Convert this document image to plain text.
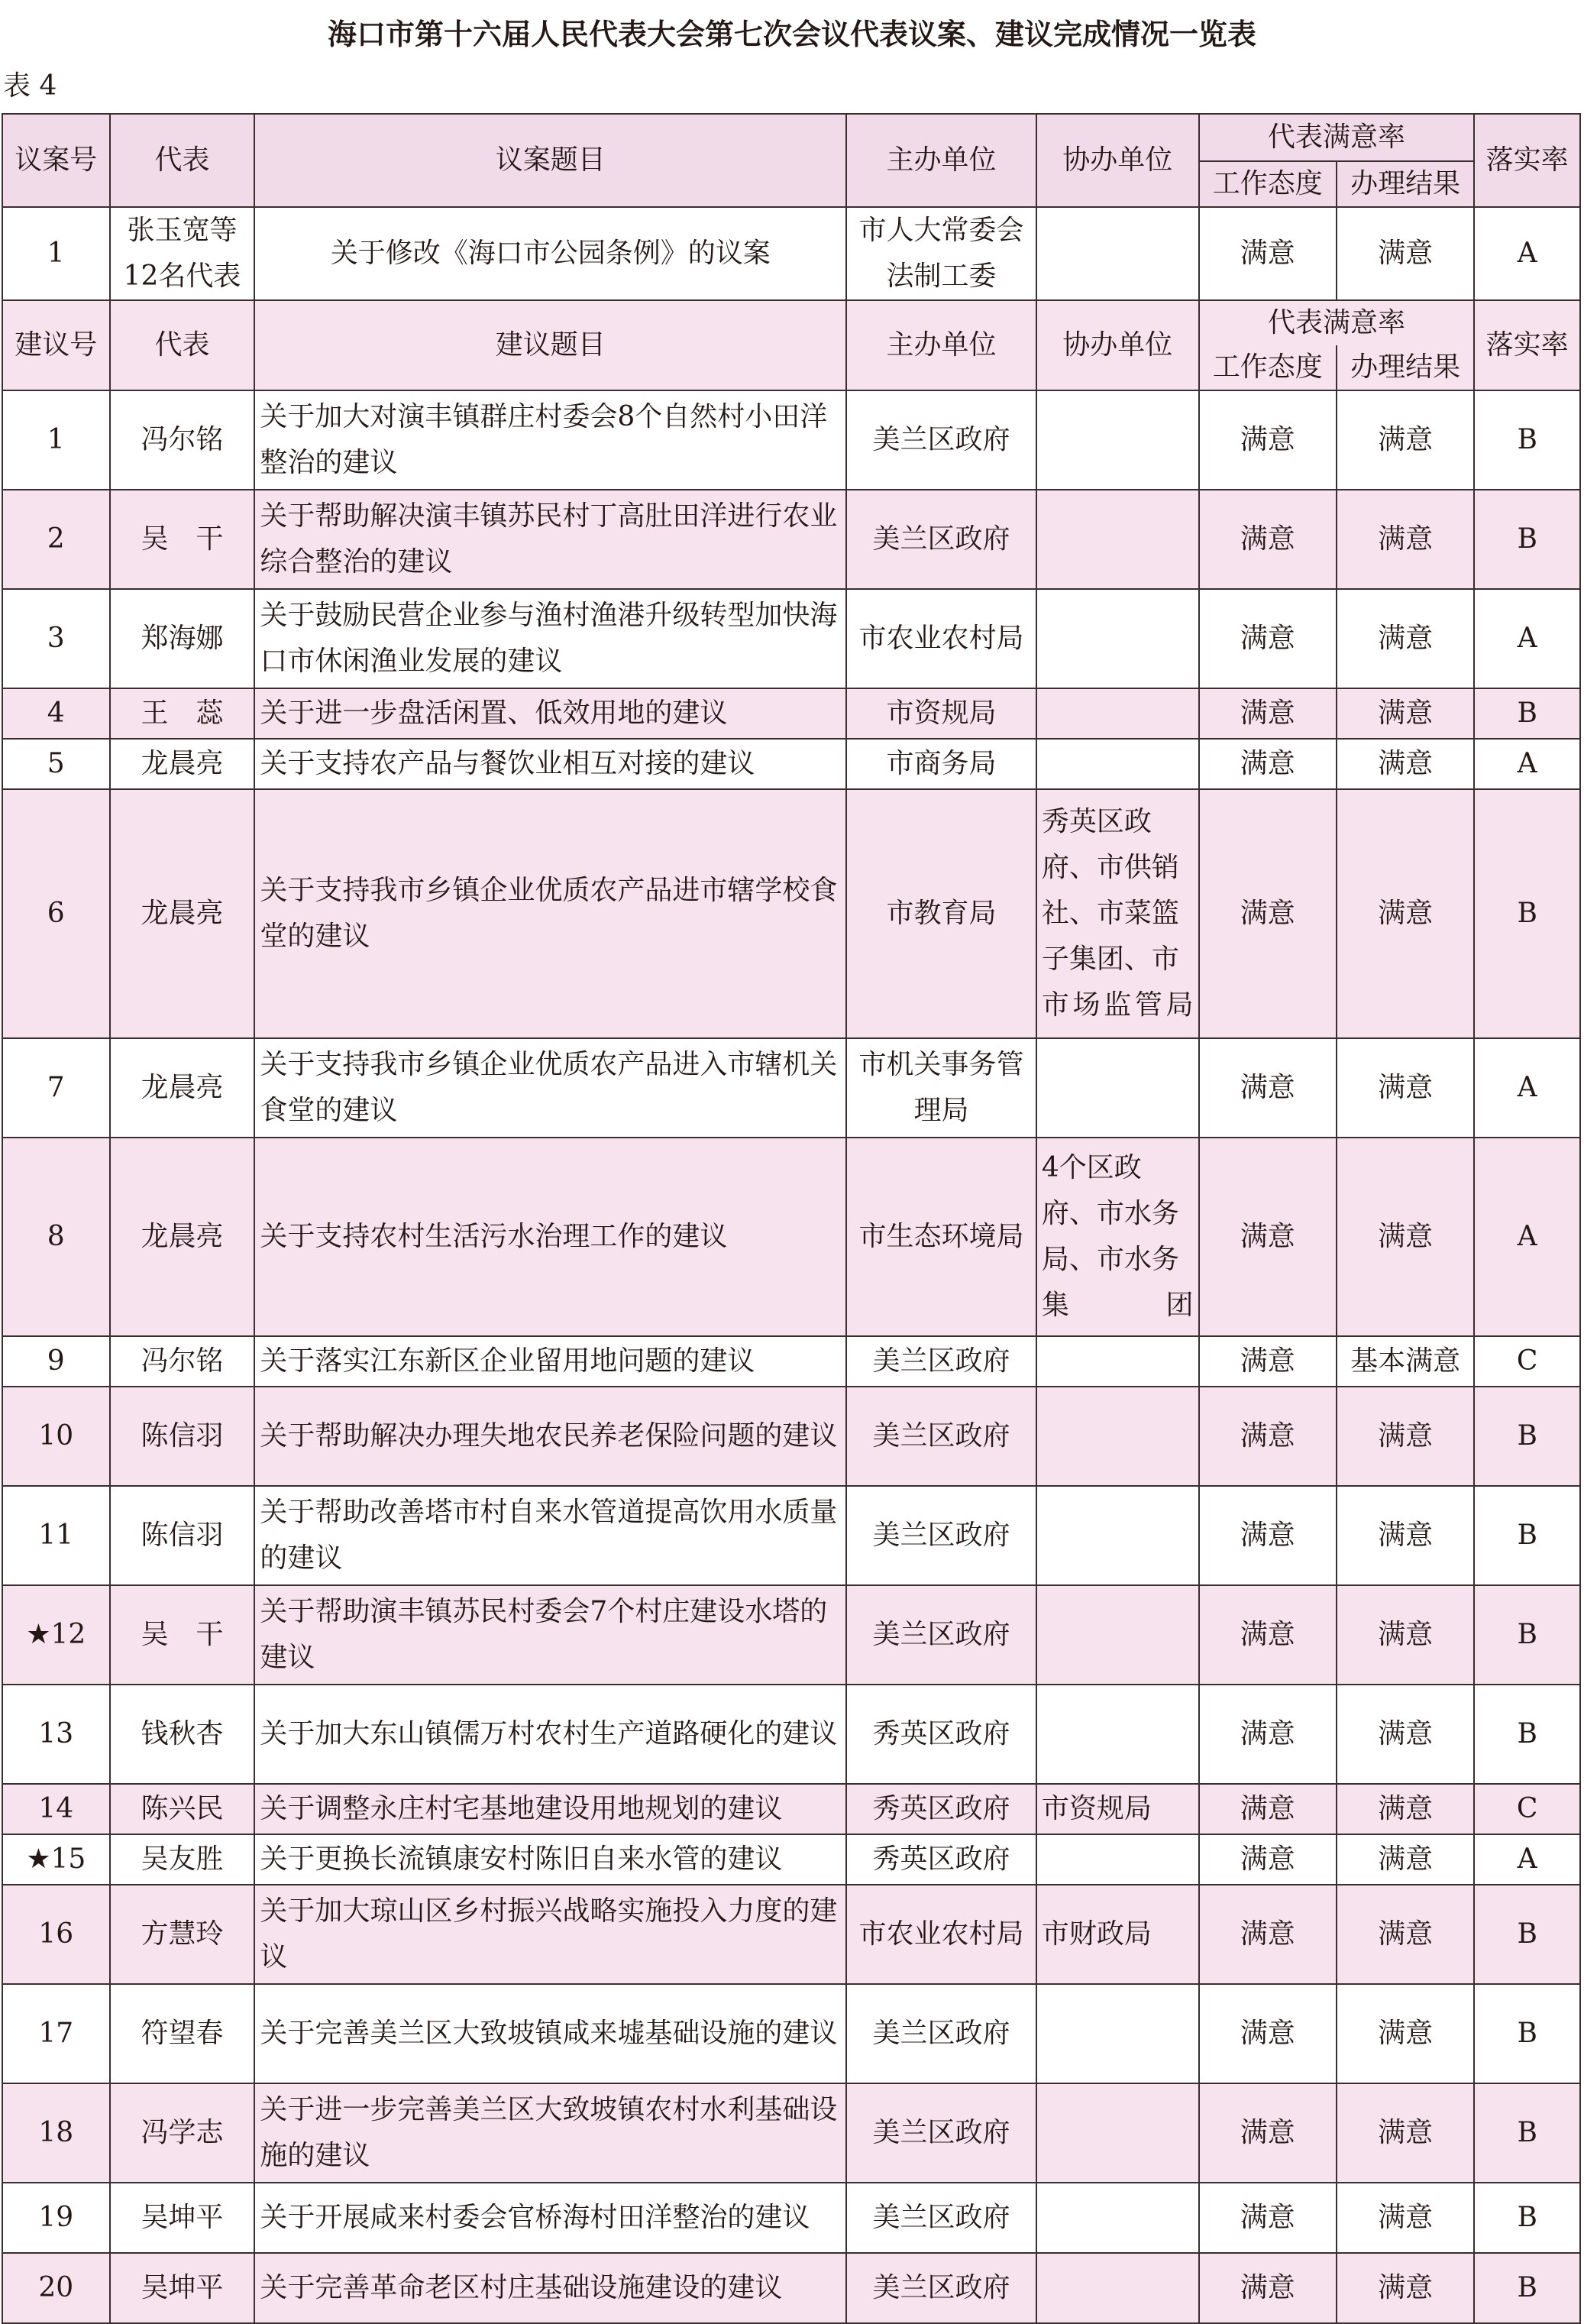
海口市第十六届人民代表大会第七次会议代表议案、建议完成情况一览表
表 4
议案号	代表	议案题目	主办单位	协办单位	代表满意率		落实率
					工作态度	办理结果	
1	张玉宽等 12名代表	关于修改《海口市公园条例》的议案	市人大常委会 法制工委		满意	满意	A
建议号	代表	建议题目	主办单位	协办单位	代表满意率		落实率
					工作态度	办理结果	
1	冯尔铭	关于加大对演丰镇群庄村委会8个自然村小田洋整治的建议	美兰区政府		满意	满意	B
2	吴　干	关于帮助解决演丰镇苏民村丁高肚田洋进行农业综合整治的建议	美兰区政府		满意	满意	B
3	郑海娜	关于鼓励民营企业参与渔村渔港升级转型加快海口市休闲渔业发展的建议	市农业农村局		满意	满意	A
4	王　蕊	关于进一步盘活闲置、低效用地的建议	市资规局		满意	满意	B
5	龙晨亮	关于支持农产品与餐饮业相互对接的建议	市商务局		满意	满意	A
6	龙晨亮	关于支持我市乡镇企业优质农产品进市辖学校食堂的建议	市教育局	秀英区政府、市供销社、市菜篮子集团、市市场监管局	满意	满意	B
7	龙晨亮	关于支持我市乡镇企业优质农产品进入市辖机关食堂的建议	市机关事务管理局		满意	满意	A
8	龙晨亮	关于支持农村生活污水治理工作的建议	市生态环境局	4个区政府、市水务局、市水务集团	满意	满意	A
9	冯尔铭	关于落实江东新区企业留用地问题的建议	美兰区政府		满意	基本满意	C
10	陈信羽	关于帮助解决办理失地农民养老保险问题的建议	美兰区政府		满意	满意	B
11	陈信羽	关于帮助改善塔市村自来水管道提高饮用水质量的建议	美兰区政府		满意	满意	B
★12	吴　干	关于帮助演丰镇苏民村委会7个村庄建设水塔的建议	美兰区政府		满意	满意	B
13	钱秋杏	关于加大东山镇儒万村农村生产道路硬化的建议	秀英区政府		满意	满意	B
14	陈兴民	关于调整永庄村宅基地建设用地规划的建议	秀英区政府	市资规局	满意	满意	C
★15	吴友胜	关于更换长流镇康安村陈旧自来水管的建议	秀英区政府		满意	满意	A
16	方慧玲	关于加大琼山区乡村振兴战略实施投入力度的建议	市农业农村局	市财政局	满意	满意	B
17	符望春	关于完善美兰区大致坡镇咸来墟基础设施的建议	美兰区政府		满意	满意	B
18	冯学志	关于进一步完善美兰区大致坡镇农村水利基础设施的建议	美兰区政府		满意	满意	B
19	吴坤平	关于开展咸来村委会官桥海村田洋整治的建议	美兰区政府		满意	满意	B
20	吴坤平	关于完善革命老区村庄基础设施建设的建议	美兰区政府		满意	满意	B
